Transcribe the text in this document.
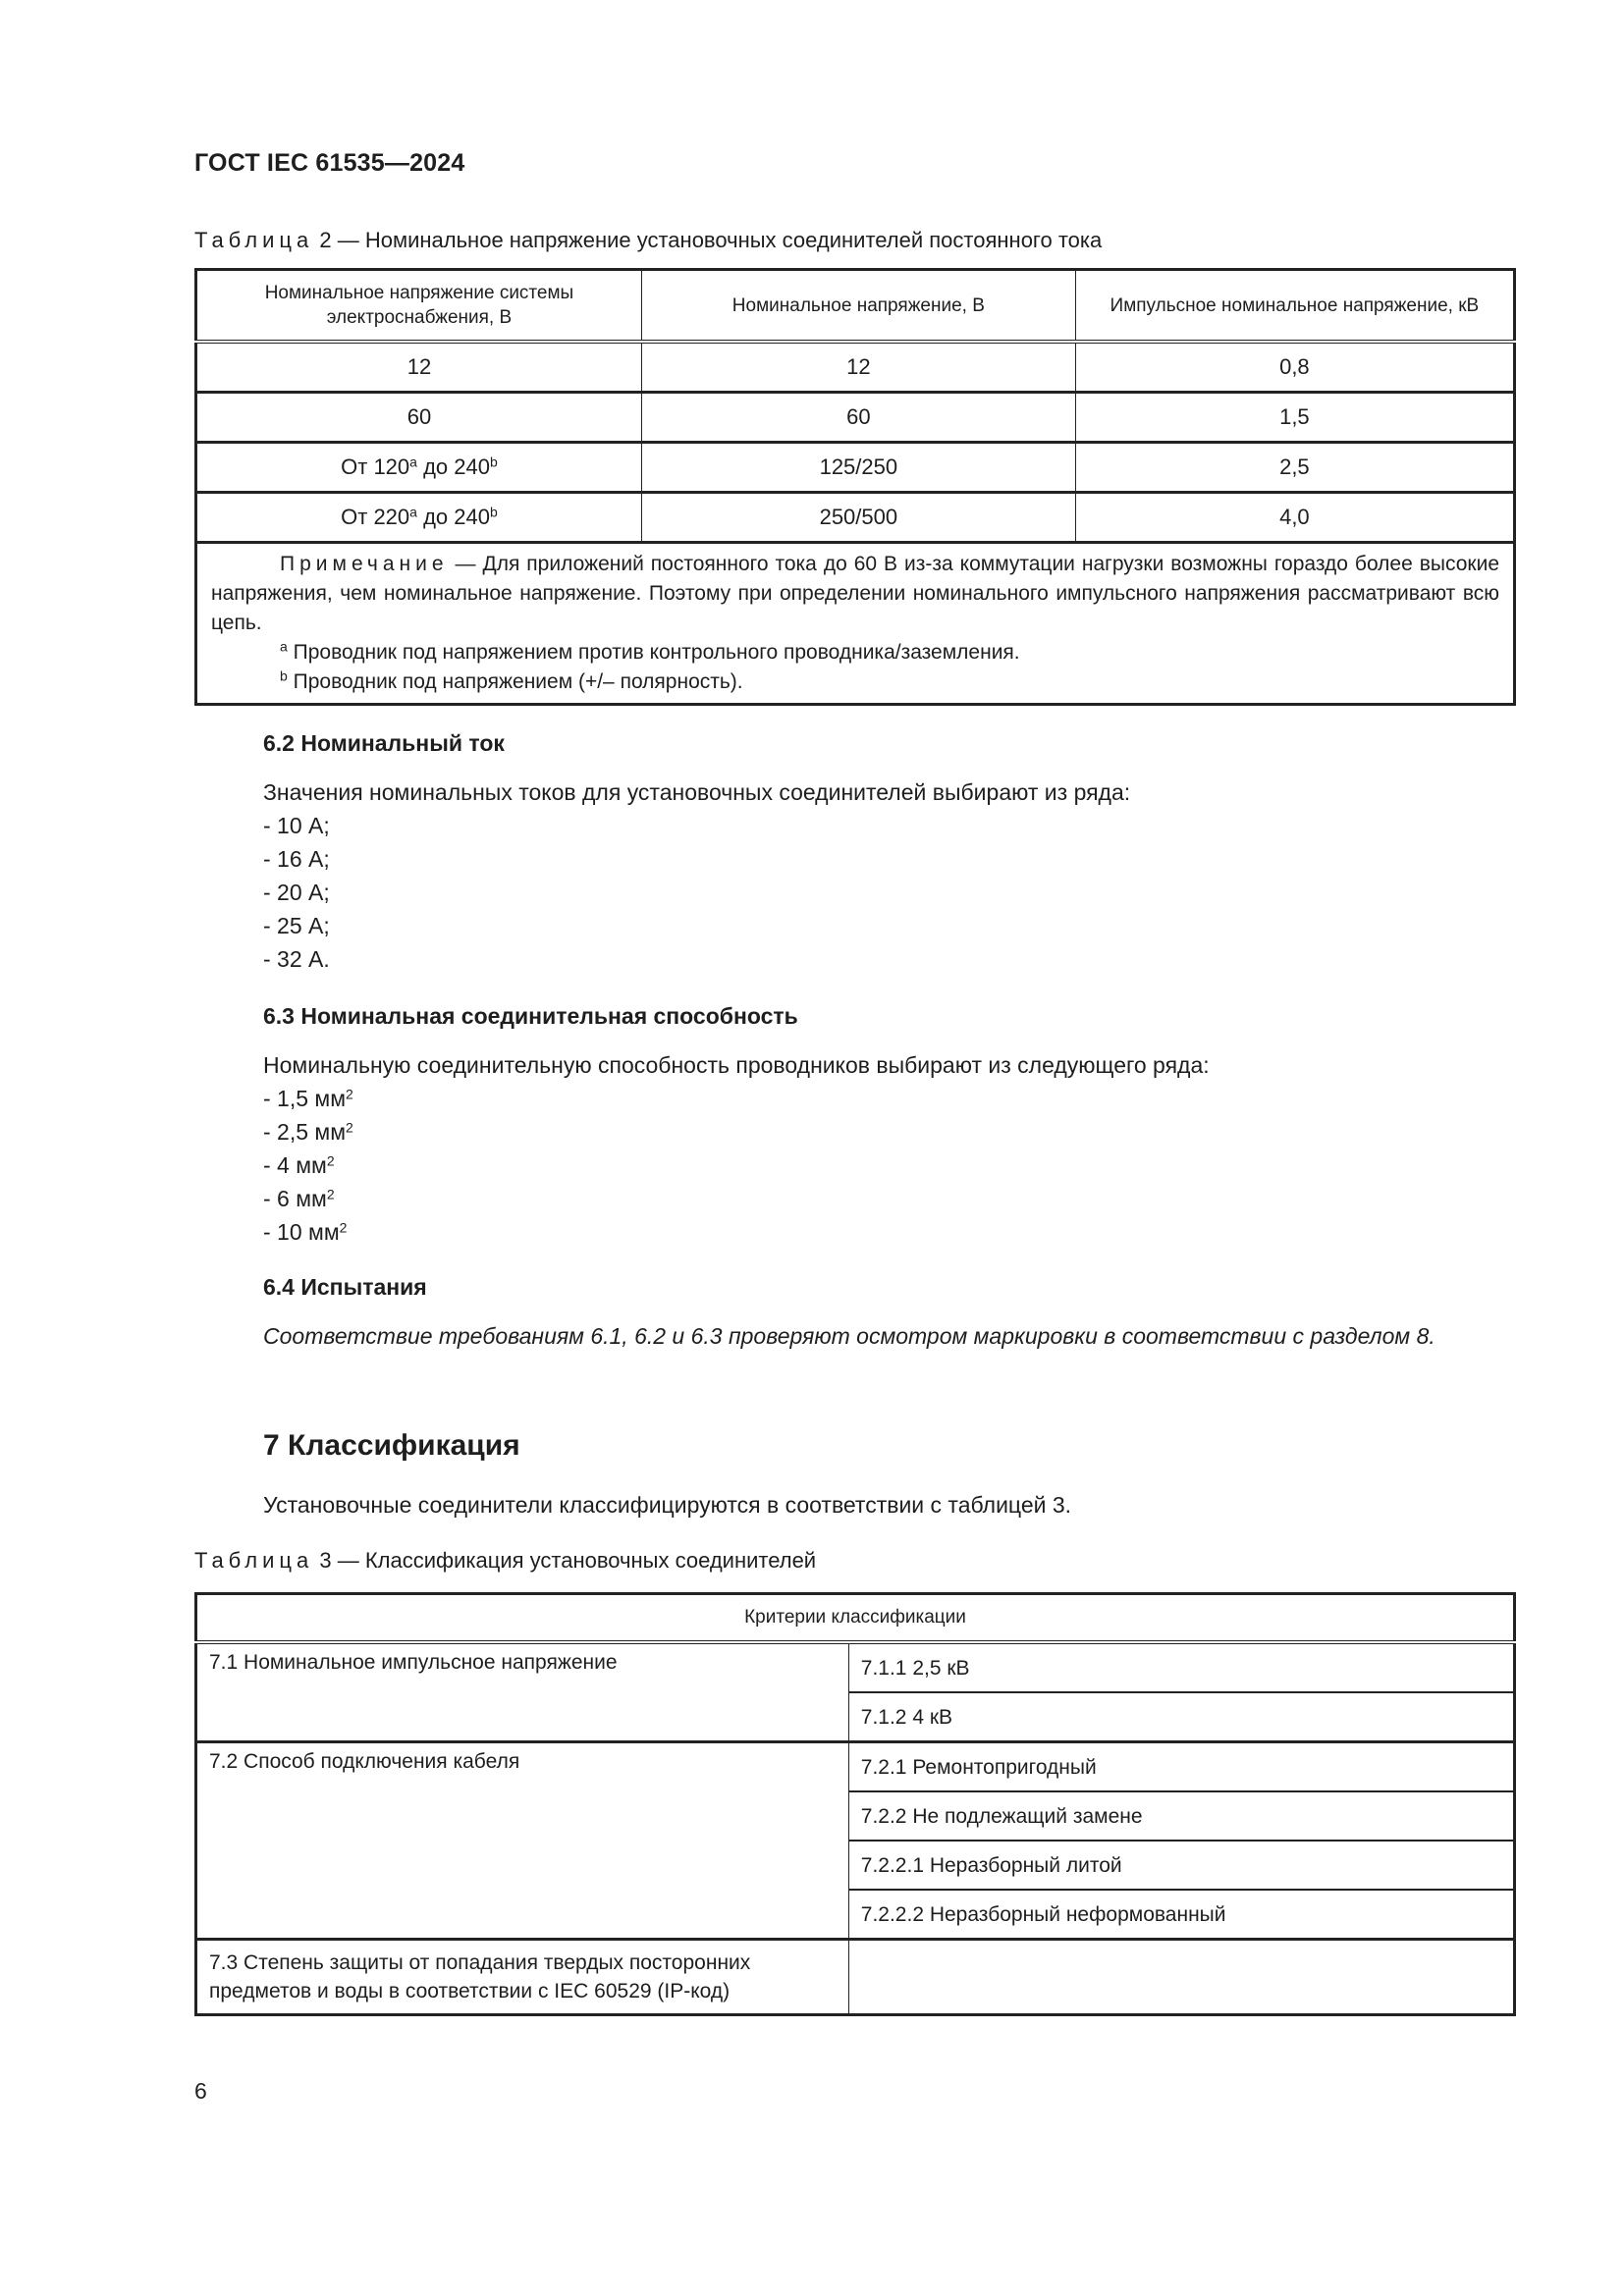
ГОСТ IEC 61535—2024
Таблица 2 — Номинальное напряжение установочных соединителей постоянного тока
Номинальное напряжение системы электроснабжения, В	Номинальное напряжение, В	Импульсное номинальное напряжение, кВ
12	12	0,8
60	60	1,5
От 120$^a$ до 240$^b$	125/250	2,5
От 220$^a$ до 240$^b$	250/500	4,0
Примечание — Для приложений постоянного тока до 60 В из-за коммутации нагрузки возможны гораздо более высокие напряжения, чем номинальное напряжение. Поэтому при определении номинального импульсного напряжения рассматривают всю цепь.
$^a$ Проводник под напряжением против контрольного проводника/заземления.
$^b$ Проводник под напряжением (+/– полярность).		
6.2 Номинальный ток
Значения номинальных токов для установочных соединителей выбирают из ряда:
- 10 А;
- 16 А;
- 20 А;
- 25 А;
- 32 А.
6.3 Номинальная соединительная способность
Номинальную соединительную способность проводников выбирают из следующего ряда:
- 1,5 $мм^2$
- 2,5 $мм^2$
- 4 $мм^2$
- 6 $мм^2$
- 10 $мм^2$
6.4 Испытания
Соответствие требованиям 6.1, 6.2 и 6.3 проверяют осмотром маркировки в соответствии с разделом 8.
7 Классификация
Установочные соединители классифицируются в соответствии с таблицей 3.
Таблица 3 — Классификация установочных соединителей
Критерии классификации	
7.1 Номинальное импульсное напряжение	7.1.1 2,5 кВ
	7.1.2 4 кВ
7.2 Способ подключения кабеля	7.2.1 Ремонтопригодный
	7.2.2 Не подлежащий замене
	7.2.2.1 Неразборный литой
	7.2.2.2 Неразборный неформованный
7.3 Степень защиты от попадания твердых посторонних предметов и воды в соответствии с IEC 60529 (IP-код)	
6
